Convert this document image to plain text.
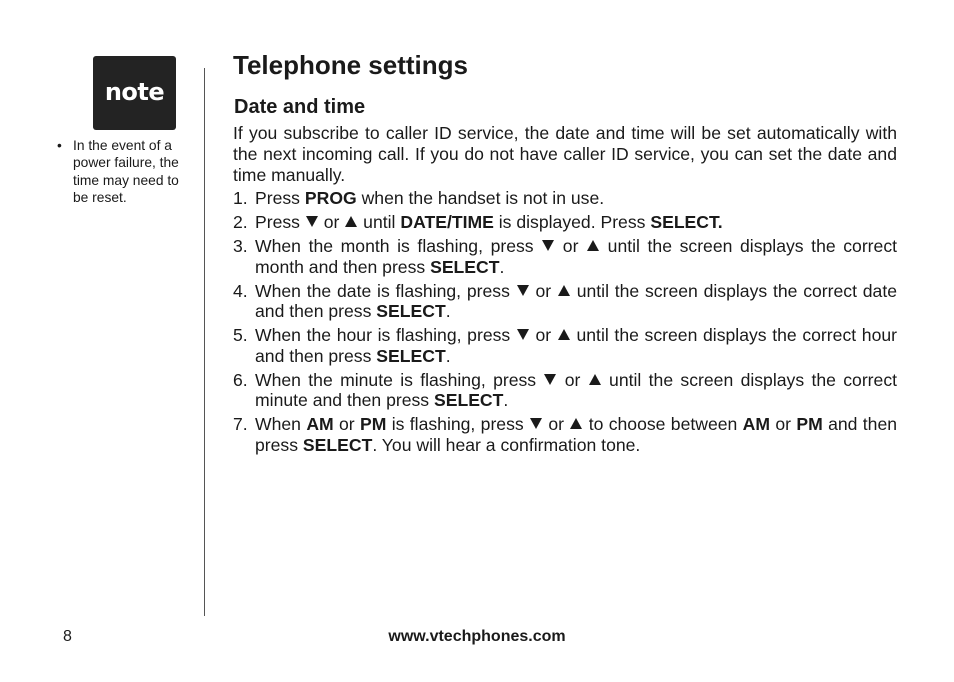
note
• In the event of a power failure, the time may need to be reset.
Telephone settings
Date and time

If you subscribe to caller ID service, the date and time will be set automatically with the next incoming call. If you do not have caller ID service, you can set the date and time manually.

1. Press PROG when the handset is not in use.
2. Press  or  until DATE/TIME is displayed. Press SELECT.
3. When the month is flashing, press  or  until the screen displays the correct month and then press SELECT.
4. When the date is flashing, press  or  until the screen displays the correct date and then press SELECT.
5. When the hour is flashing, press  or  until the screen displays the correct hour and then press SELECT.
6. When the minute is flashing, press  or  until the screen displays the correct minute and then press SELECT.
7. When AM or PM is flashing, press  or  to choose between AM or PM and then press SELECT. You will hear a confirmation tone.
8	www.vtechphones.com
